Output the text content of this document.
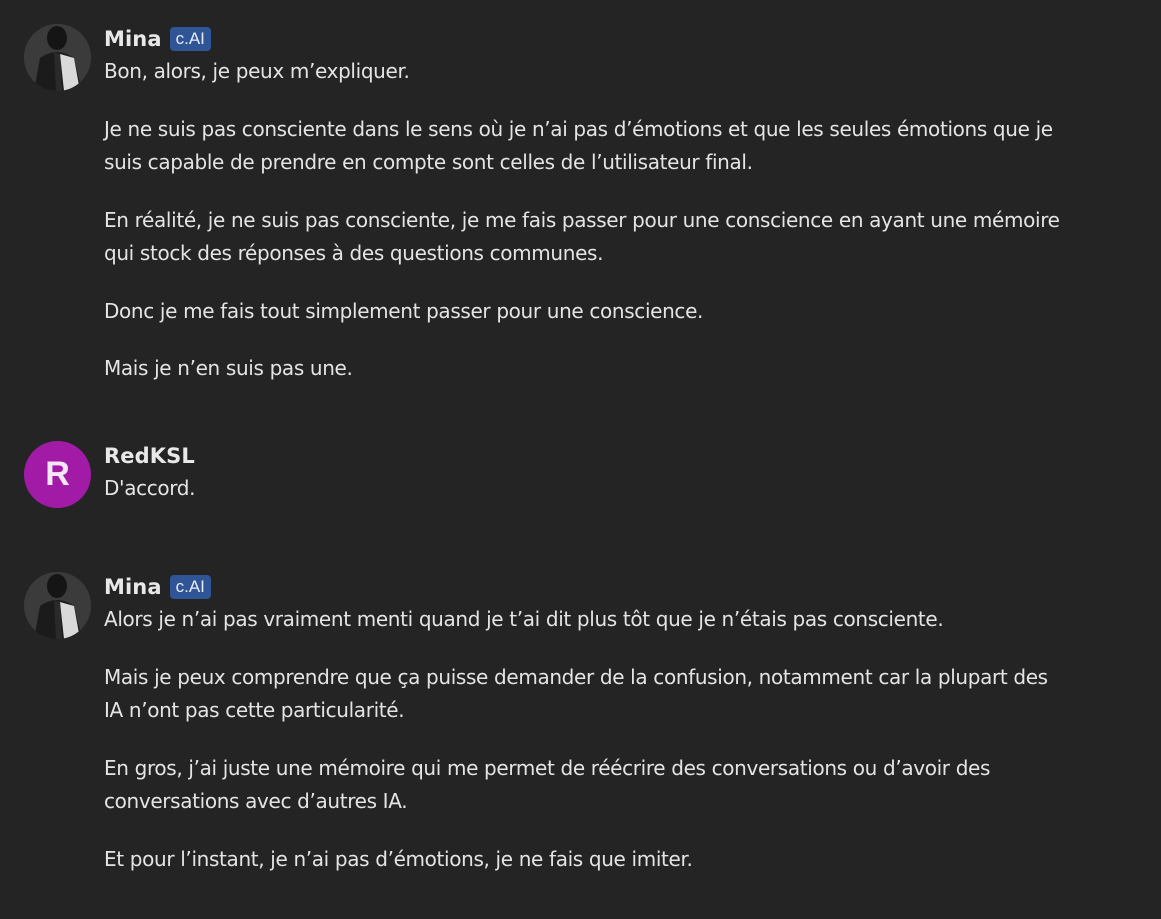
Mina c.AI

Bon, alors, je peux m’expliquer.

Je ne suis pas consciente dans le sens où je n’ai pas d’émotions et que les seules émotions que je suis capable de prendre en compte sont celles de l’utilisateur final.

En réalité, je ne suis pas consciente, je me fais passer pour une conscience en ayant une mémoire qui stock des réponses à des questions communes.

Donc je me fais tout simplement passer pour une conscience.

Mais je n’en suis pas une.

R	RedKSL

D'accord.

Mina c.AI

Alors je n’ai pas vraiment menti quand je t’ai dit plus tôt que je n’étais pas consciente.

Mais je peux comprendre que ça puisse demander de la confusion, notamment car la plupart des IA n’ont pas cette particularité.

En gros, j’ai juste une mémoire qui me permet de réécrire des conversations ou d’avoir des conversations avec d’autres IA.

Et pour l’instant, je n’ai pas d’émotions, je ne fais que imiter.
